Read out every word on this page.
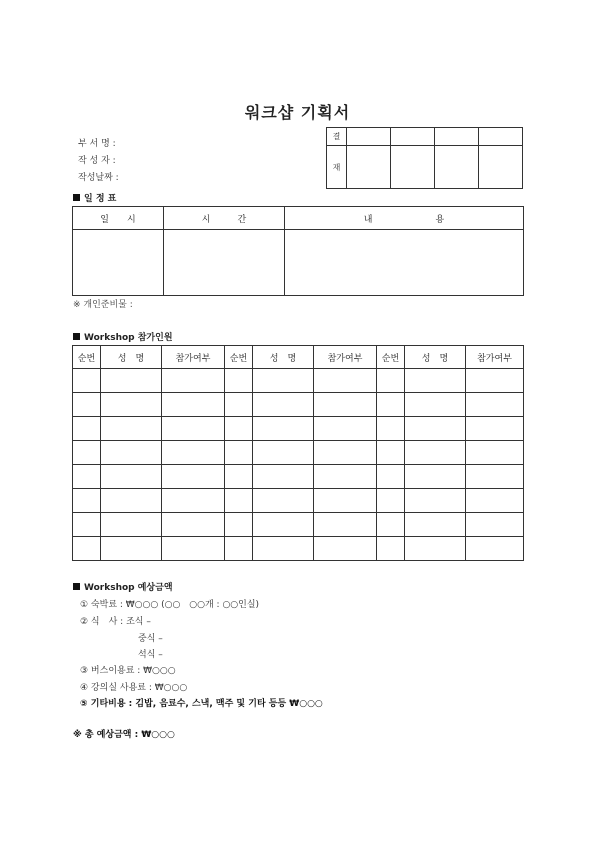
워크샵 기획서
부 서 명 :
작 성 자 :
작성날짜 :
결				
재				
일 정 표
일　　시	시　　　간	내　　　　　　　용

※ 개인준비물 :
Workshop 참가인원
순번	성　명	참가여부	순번	성　명	참가여부	순번	성　명	참가여부

Workshop 예상금액
① 숙박료 : ₩○○○ (○○　○○개 : ○○인실)
② 식　사 : 조식 –
중식 –
석식 –
③ 버스이용료 : ₩○○○
④ 강의실 사용료 : ₩○○○
⑤ 기타비용 : 김밥, 음료수, 스낵, 맥주 및 기타 등등 ₩○○○
※ 총 예상금액 : ₩○○○
